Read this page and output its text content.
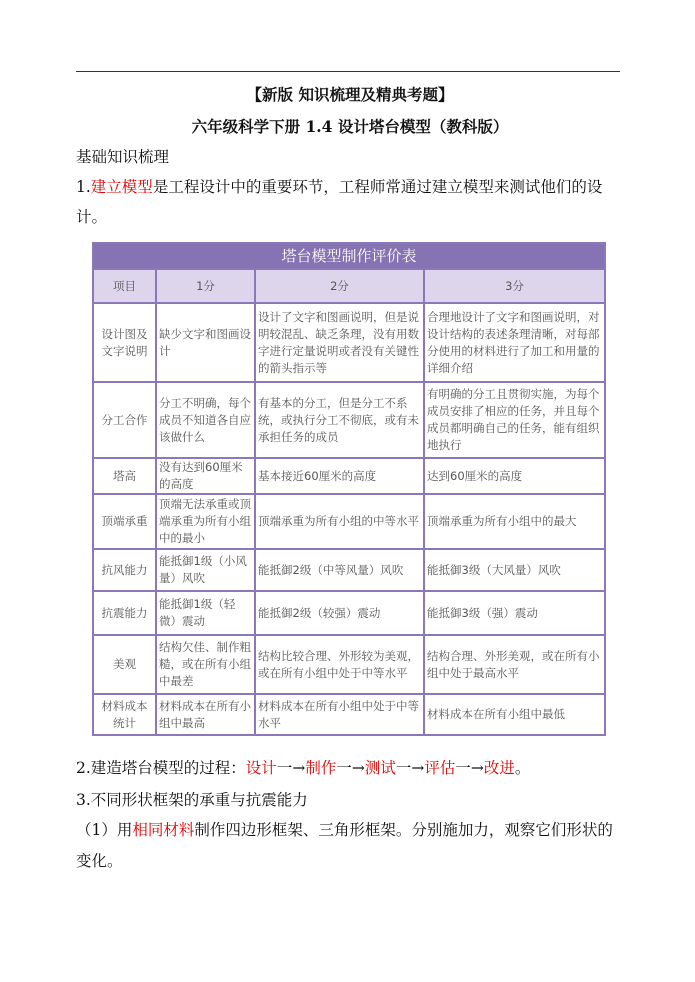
【新版 知识梳理及精典考题】
六年级科学下册 1.4 设计塔台模型（教科版）
基础知识梳理
1.建立模型是工程设计中的重要环节，工程师常通过建立模型来测试他们的设
计。
塔台模型制作评价表			
项目	1分	2分	3分
设计图及文字说明	缺少文字和图画设计	设计了文字和图画说明，但是说明较混乱、缺乏条理，没有用数字进行定量说明或者没有关键性的箭头指示等	合理地设计了文字和图画说明，对设计结构的表述条理清晰，对每部分使用的材料进行了加工和用量的详细介绍
分工合作	分工不明确，每个成员不知道各自应该做什么	有基本的分工，但是分工不系统，或执行分工不彻底，或有未承担任务的成员	有明确的分工且贯彻实施，为每个成员安排了相应的任务，并且每个成员都明确自己的任务，能有组织地执行
塔高	没有达到60厘米的高度	基本接近60厘米的高度	达到60厘米的高度
顶端承重	顶端无法承重或顶端承重为所有小组中的最小	顶端承重为所有小组的中等水平	顶端承重为所有小组中的最大
抗风能力	能抵御1级（小风量）风吹	能抵御2级（中等风量）风吹	能抵御3级（大风量）风吹
抗震能力	能抵御1级（轻微）震动	能抵御2级（较强）震动	能抵御3级（强）震动
美观	结构欠佳、制作粗糙，或在所有小组中最差	结构比较合理、外形较为美观，或在所有小组中处于中等水平	结构合理、外形美观，或在所有小组中处于最高水平
材料成本统计	材料成本在所有小组中最高	材料成本在所有小组中处于中等水平	材料成本在所有小组中最低
2.建造塔台模型的过程：设计一→制作一→测试一→评估一→改进。
3.不同形状框架的承重与抗震能力
（1）用相同材料制作四边形框架、三角形框架。分别施加力，观察它们形状的
变化。
